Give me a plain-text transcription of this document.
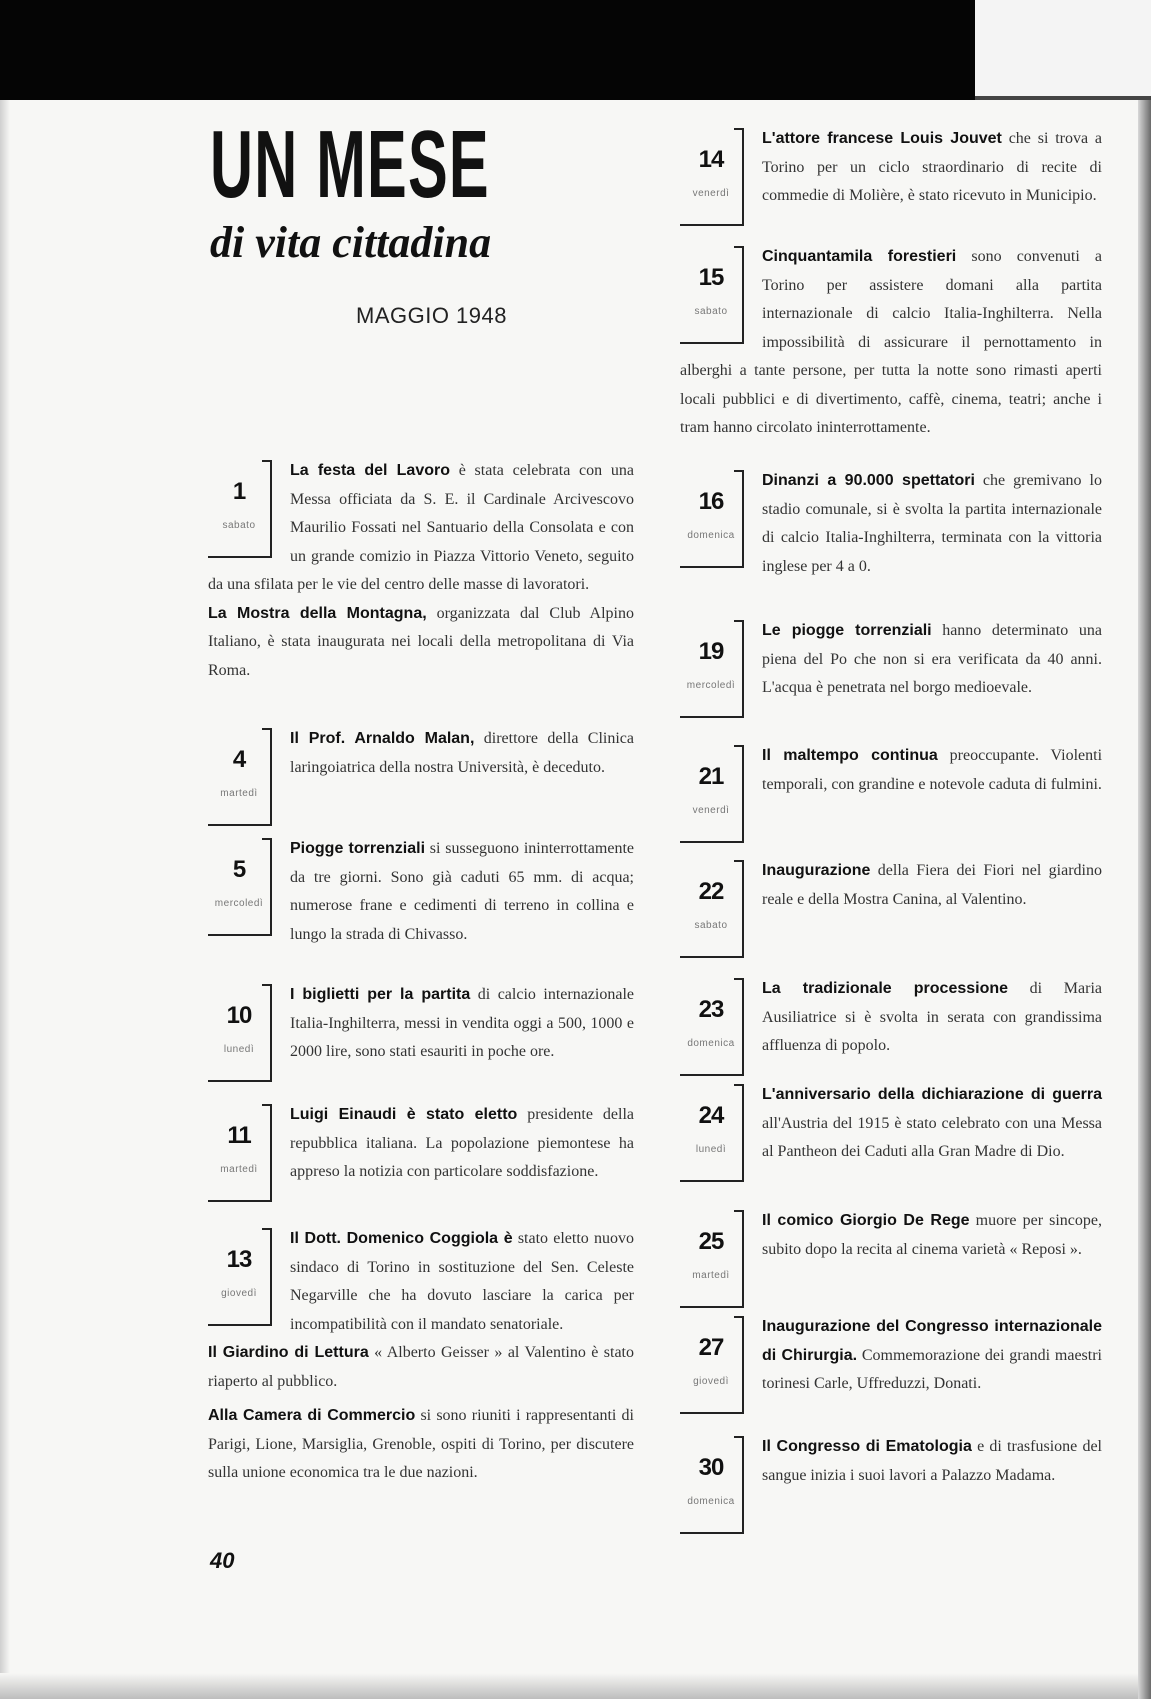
UN MESE
di vita cittadina
MAGGIO 1948
1
sabato

La festa del Lavoro è stata celebrata con una Messa officiata da S. E. il Cardinale Arcivescovo Maurilio Fossati nel Santuario della Consolata e con un grande comizio in Piazza Vittorio Veneto, seguito da una sfilata per le vie del centro delle masse di lavoratori.

La Mostra della Montagna, organizzata dal Club Alpino Italiano, è stata inaugurata nei locali della metropolitana di Via Roma.

4
martedì

Il Prof. Arnaldo Malan, direttore della Clinica laringoiatrica della nostra Università, è deceduto.

5
mercoledì

Piogge torrenziali si susseguono ininterrottamente da tre giorni. Sono già caduti 65 mm. di acqua; numerose frane e cedimenti di terreno in collina e lungo la strada di Chivasso.

10
lunedì

I biglietti per la partita di calcio internazionale Italia-Inghilterra, messi in vendita oggi a 500, 1000 e 2000 lire, sono stati esauriti in poche ore.

11
martedì

Luigi Einaudi è stato eletto presidente della repubblica italiana. La popolazione piemontese ha appreso la notizia con particolare soddisfazione.

13
giovedì

Il Dott. Domenico Coggiola è stato eletto nuovo sindaco di Torino in sostituzione del Sen. Celeste Negarville che ha dovuto lasciare la carica per incompatibilità con il mandato senatoriale.

Il Giardino di Lettura « Alberto Geisser » al Valentino è stato riaperto al pubblico.

Alla Camera di Commercio si sono riuniti i rappresentanti di Parigi, Lione, Marsiglia, Grenoble, ospiti di Torino, per discutere sulla unione economica tra le due nazioni.

14
venerdì

L'attore francese Louis Jouvet che si trova a Torino per un ciclo straordinario di recite di commedie di Molière, è stato ricevuto in Municipio.

15
sabato

Cinquantamila forestieri sono convenuti a Torino per assistere domani alla partita internazionale di calcio Italia-Inghilterra. Nella impossibilità di assicurare il pernottamento in alberghi a tante persone, per tutta la notte sono rimasti aperti locali pubblici e di divertimento, caffè, cinema, teatri; anche i tram hanno circolato ininterrottamente.

16
domenica

Dinanzi a 90.000 spettatori che gremivano lo stadio comunale, si è svolta la partita internazionale di calcio Italia-Inghilterra, terminata con la vittoria inglese per 4 a 0.

19
mercoledì

Le piogge torrenziali hanno determinato una piena del Po che non si era verificata da 40 anni. L'acqua è penetrata nel borgo medioevale.

21
venerdì

Il maltempo continua preoccupante. Violenti temporali, con grandine e notevole caduta di fulmini.

22
sabato

Inaugurazione della Fiera dei Fiori nel giardino reale e della Mostra Canina, al Valentino.

23
domenica

La tradizionale processione di Maria Ausiliatrice si è svolta in serata con grandissima affluenza di popolo.

24
lunedì

L'anniversario della dichiarazione di guerra all'Austria del 1915 è stato celebrato con una Messa al Pantheon dei Caduti alla Gran Madre di Dio.

25
martedì

Il comico Giorgio De Rege muore per sincope, subito dopo la recita al cinema varietà « Reposi ».

27
giovedì

Inaugurazione del Congresso internazionale di Chirurgia. Commemorazione dei grandi maestri torinesi Carle, Uffreduzzi, Donati.

30
domenica

Il Congresso di Ematologia e di trasfusione del sangue inizia i suoi lavori a Palazzo Madama.

40
